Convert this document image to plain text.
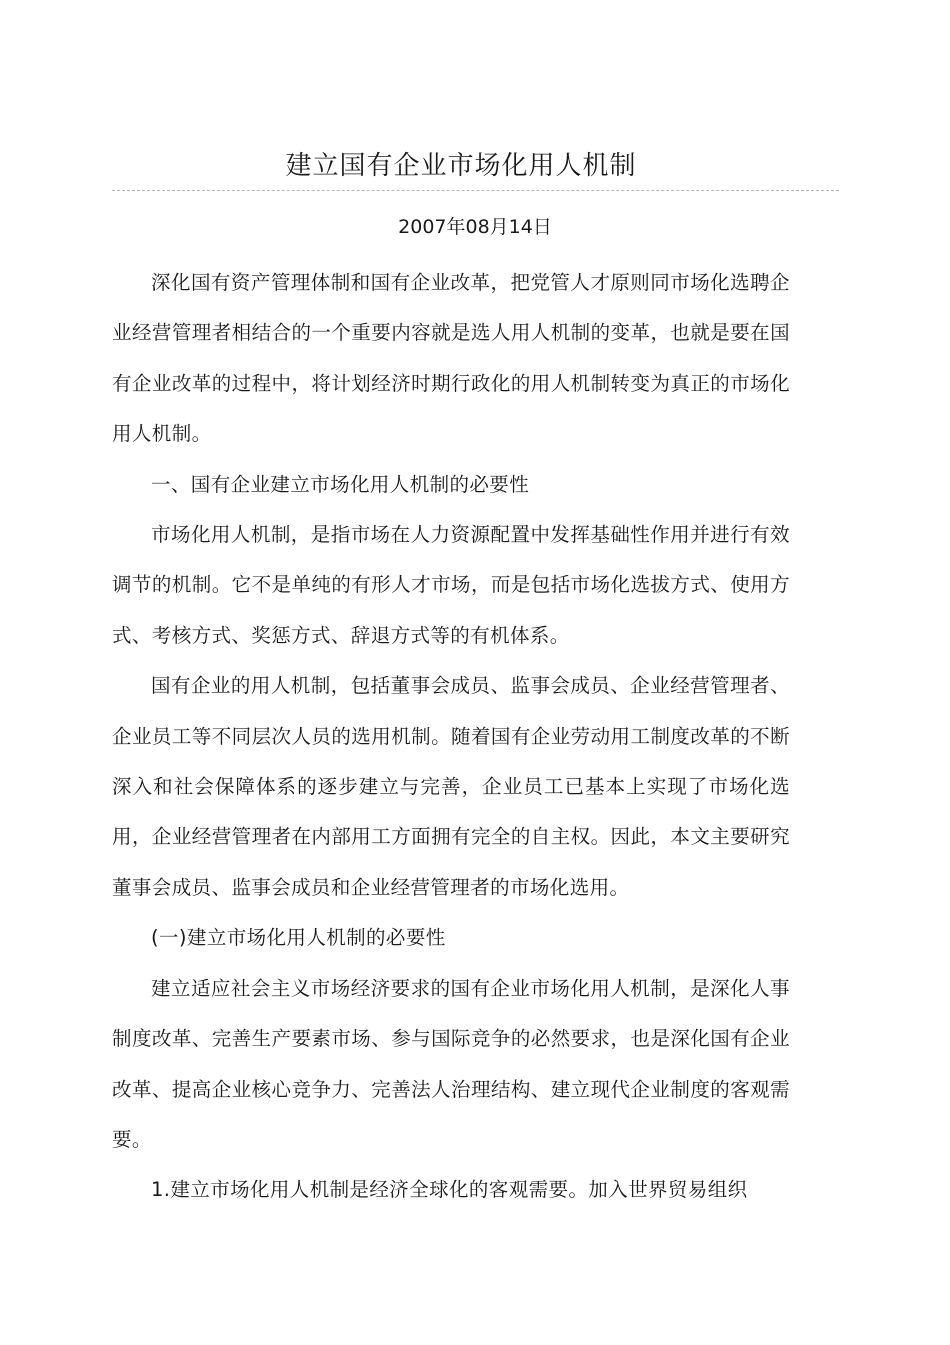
建立国有企业市场化用人机制
2007年08月14日

深化国有资产管理体制和国有企业改革，把党管人才原则同市场化选聘企业经营管理者相结合的一个重要内容就是选人用人机制的变革，也就是要在国有企业改革的过程中，将计划经济时期行政化的用人机制转变为真正的市场化用人机制。

一、国有企业建立市场化用人机制的必要性

市场化用人机制，是指市场在人力资源配置中发挥基础性作用并进行有效调节的机制。它不是单纯的有形人才市场，而是包括市场化选拔方式、使用方式、考核方式、奖惩方式、辞退方式等的有机体系。

国有企业的用人机制，包括董事会成员、监事会成员、企业经营管理者、企业员工等不同层次人员的选用机制。随着国有企业劳动用工制度改革的不断深入和社会保障体系的逐步建立与完善，企业员工已基本上实现了市场化选用，企业经营管理者在内部用工方面拥有完全的自主权。因此，本文主要研究董事会成员、监事会成员和企业经营管理者的市场化选用。

(一)建立市场化用人机制的必要性

建立适应社会主义市场经济要求的国有企业市场化用人机制，是深化人事制度改革、完善生产要素市场、参与国际竞争的必然要求，也是深化国有企业改革、提高企业核心竞争力、完善法人治理结构、建立现代企业制度的客观需要。

1.建立市场化用人机制是经济全球化的客观需要。加入世界贸易组织
